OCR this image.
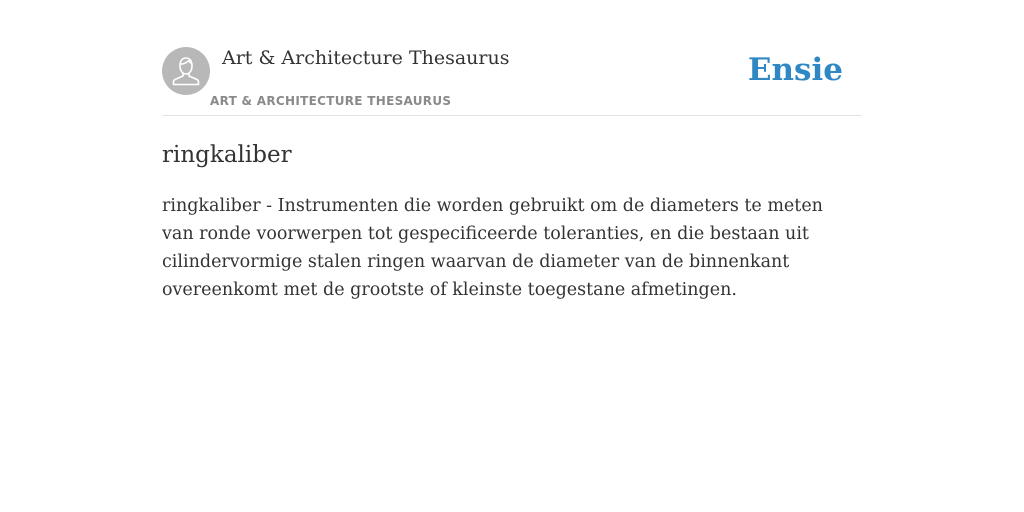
Art & Architecture Thesaurus
ART & ARCHITECTURE THESAURUS
Ensie
ringkaliber

ringkaliber - Instrumenten die worden gebruikt om de diameters te meten van ronde voorwerpen tot gespecificeerde toleranties, en die bestaan uit cilindervormige stalen ringen waarvan de diameter van de binnenkant overeenkomt met de grootste of kleinste toegestane afmetingen.
